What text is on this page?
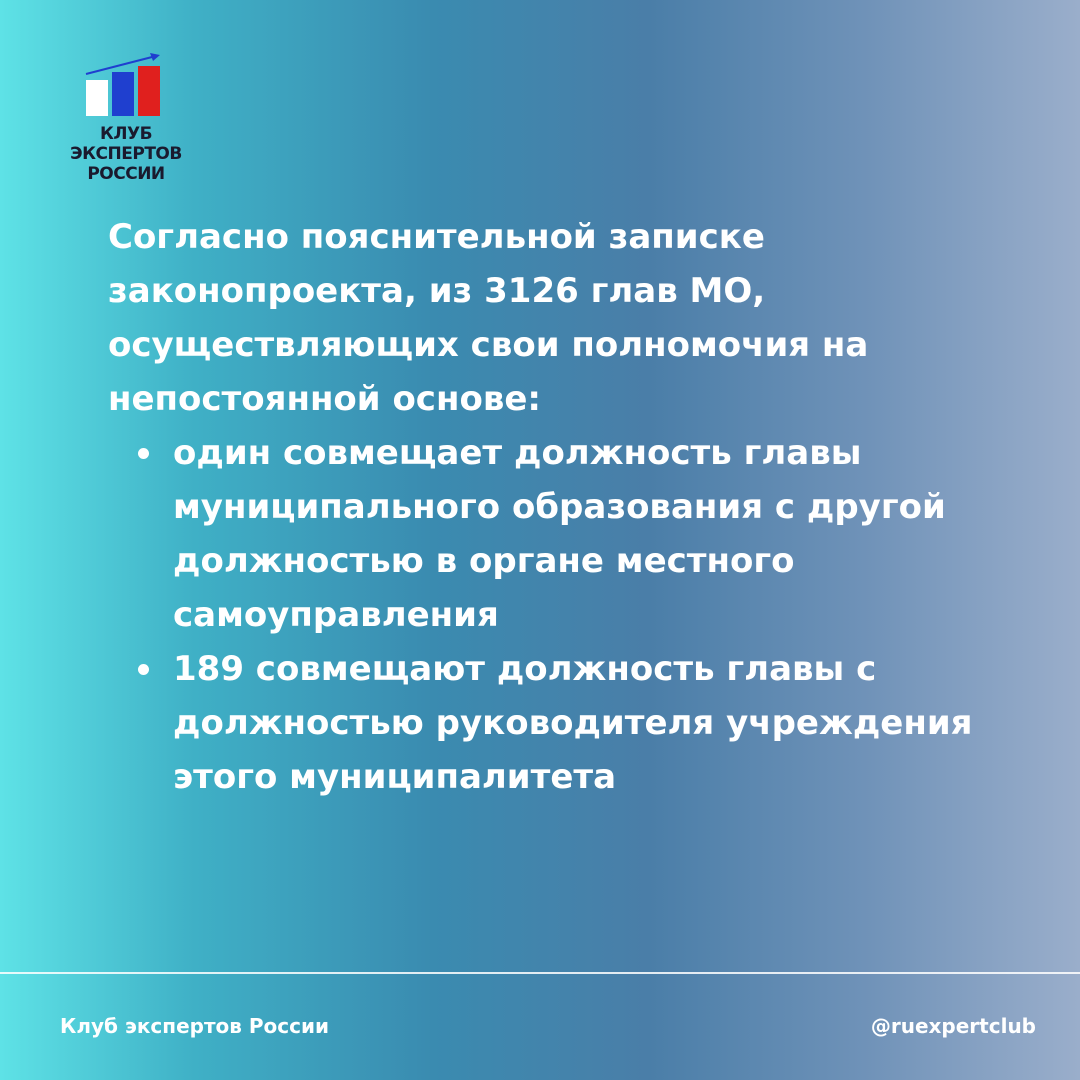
КЛУБ ЭКСПЕРТОВ
РОССИИ

Согласно пояснительной записке законопроекта, из 3126 глав МО, осуществляющих свои полномочия на непостоянной основе:

один совмещает должность главы муниципального образования с другой должностью в органе местного самоуправления
189 совмещают должность главы с должностью руководителя учреждения этого муниципалитета
Клуб экспертов России	@ruexpertclub
